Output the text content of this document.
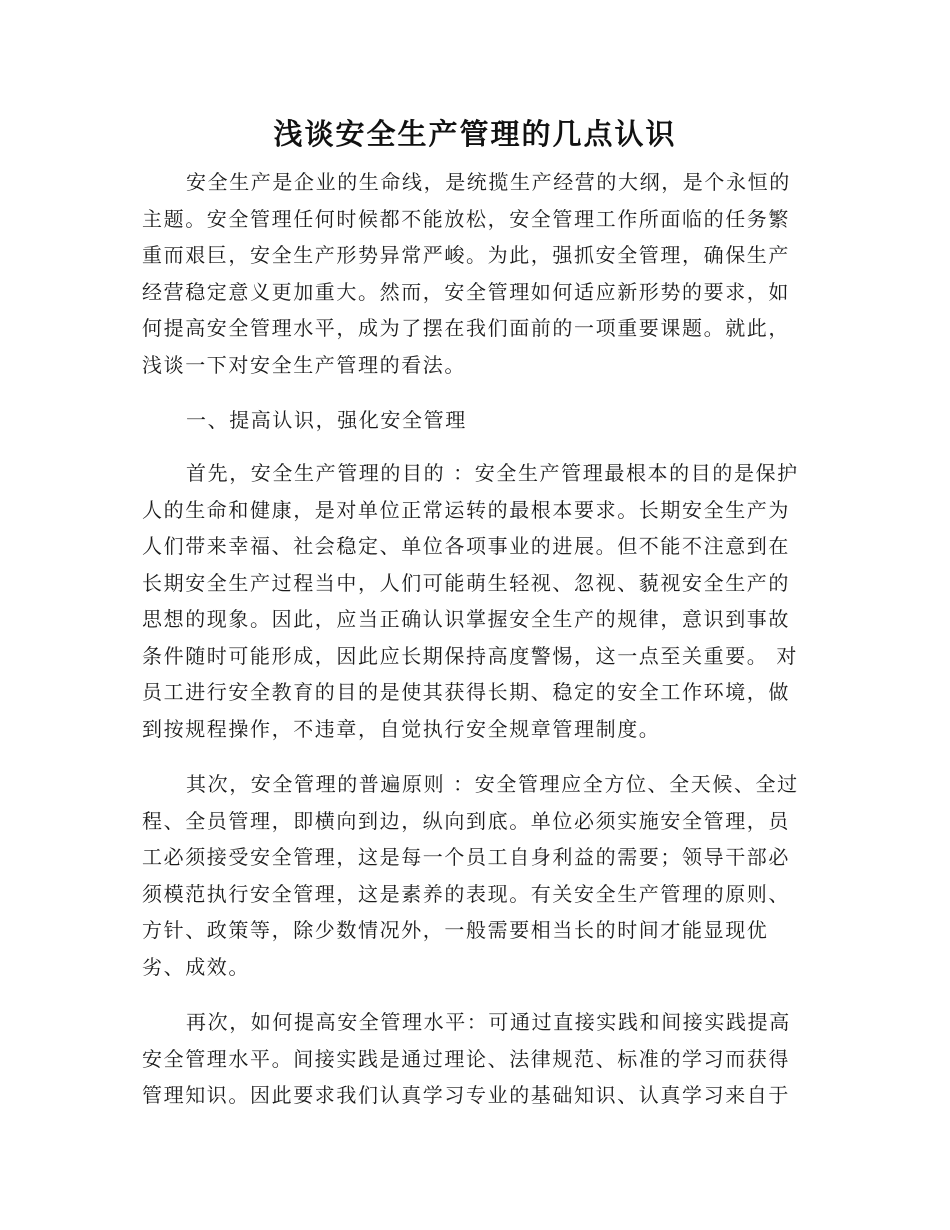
浅谈安全生产管理的几点认识
安全生产是企业的生命线，是统揽生产经营的大纲，是个永恒的
主题。安全管理任何时候都不能放松，安全管理工作所面临的任务繁
重而艰巨，安全生产形势异常严峻。为此，强抓安全管理，确保生产
经营稳定意义更加重大。然而，安全管理如何适应新形势的要求，如
何提高安全管理水平，成为了摆在我们面前的一项重要课题。就此，
浅谈一下对安全生产管理的看法。
一、提高认识，强化安全管理
首先，安全生产管理的目的 ：安全生产管理最根本的目的是保护
人的生命和健康，是对单位正常运转的最根本要求。长期安全生产为
人们带来幸福、社会稳定、单位各项事业的进展。但不能不注意到在
长期安全生产过程当中，人们可能萌生轻视、忽视、藐视安全生产的
思想的现象。因此，应当正确认识掌握安全生产的规律，意识到事故
条件随时可能形成，因此应长期保持高度警惕，这一点至关重要。 对
员工进行安全教育的目的是使其获得长期、稳定的安全工作环境，做
到按规程操作，不违章，自觉执行安全规章管理制度。
其次，安全管理的普遍原则 ：安全管理应全方位、全天候、全过
程、全员管理，即横向到边，纵向到底。单位必须实施安全管理，员
工必须接受安全管理，这是每一个员工自身利益的需要；领导干部必
须模范执行安全管理，这是素养的表现。有关安全生产管理的原则、
方针、政策等，除少数情况外，一般需要相当长的时间才能显现优
劣、成效。
再次，如何提高安全管理水平：可通过直接实践和间接实践提高
安全管理水平。间接实践是通过理论、法律规范、标准的学习而获得
管理知识。因此要求我们认真学习专业的基础知识、认真学习来自于
